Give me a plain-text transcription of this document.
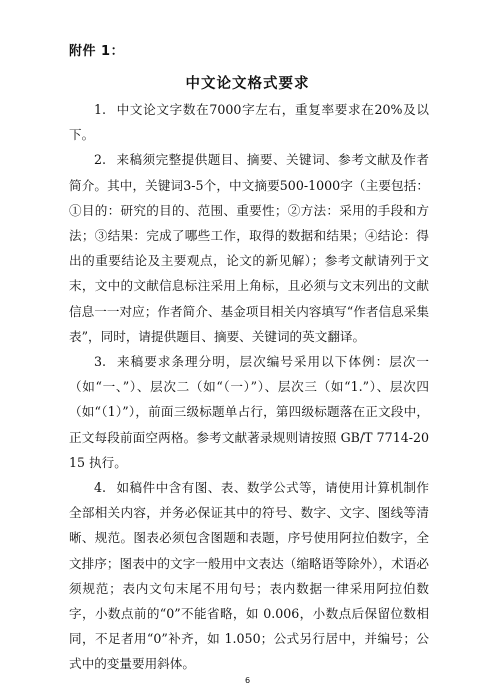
附件 1：
中文论文格式要求

1. 中文论文字数在7000字左右，重复率要求在20%及以下。

2. 来稿须完整提供题目、摘要、关键词、参考文献及作者简介。其中，关键词3-5个，中文摘要500-1000字（主要包括：①目的：研究的目的、范围、重要性；②方法：采用的手段和方法；③结果：完成了哪些工作，取得的数据和结果；④结论：得出的重要结论及主要观点，论文的新见解）；参考文献请列于文末，文中的文献信息标注采用上角标，且必须与文末列出的文献信息一一对应；作者简介、基金项目相关内容填写“作者信息采集表”，同时，请提供题目、摘要、关键词的英文翻译。

3. 来稿要求条理分明，层次编号采用以下体例：层次一（如“一、”）、层次二（如“（一）”）、层次三（如“1.”）、层次四（如“（1）”），前面三级标题单占行，第四级标题落在正文段中，正文每段前面空两格。参考文献著录规则请按照 GB/T 7714-2015 执行。

4. 如稿件中含有图、表、数学公式等，请使用计算机制作全部相关内容，并务必保证其中的符号、数字、文字、图线等清晰、规范。图表必须包含图题和表题，序号使用阿拉伯数字，全文排序；图表中的文字一般用中文表达（缩略语等除外），术语必须规范；表内文句末尾不用句号；表内数据一律采用阿拉伯数字，小数点前的“0”不能省略，如 0.006，小数点后保留位数相同，不足者用“0”补齐，如 1.050；公式另行居中，并编号；公式中的变量要用斜体。

6
